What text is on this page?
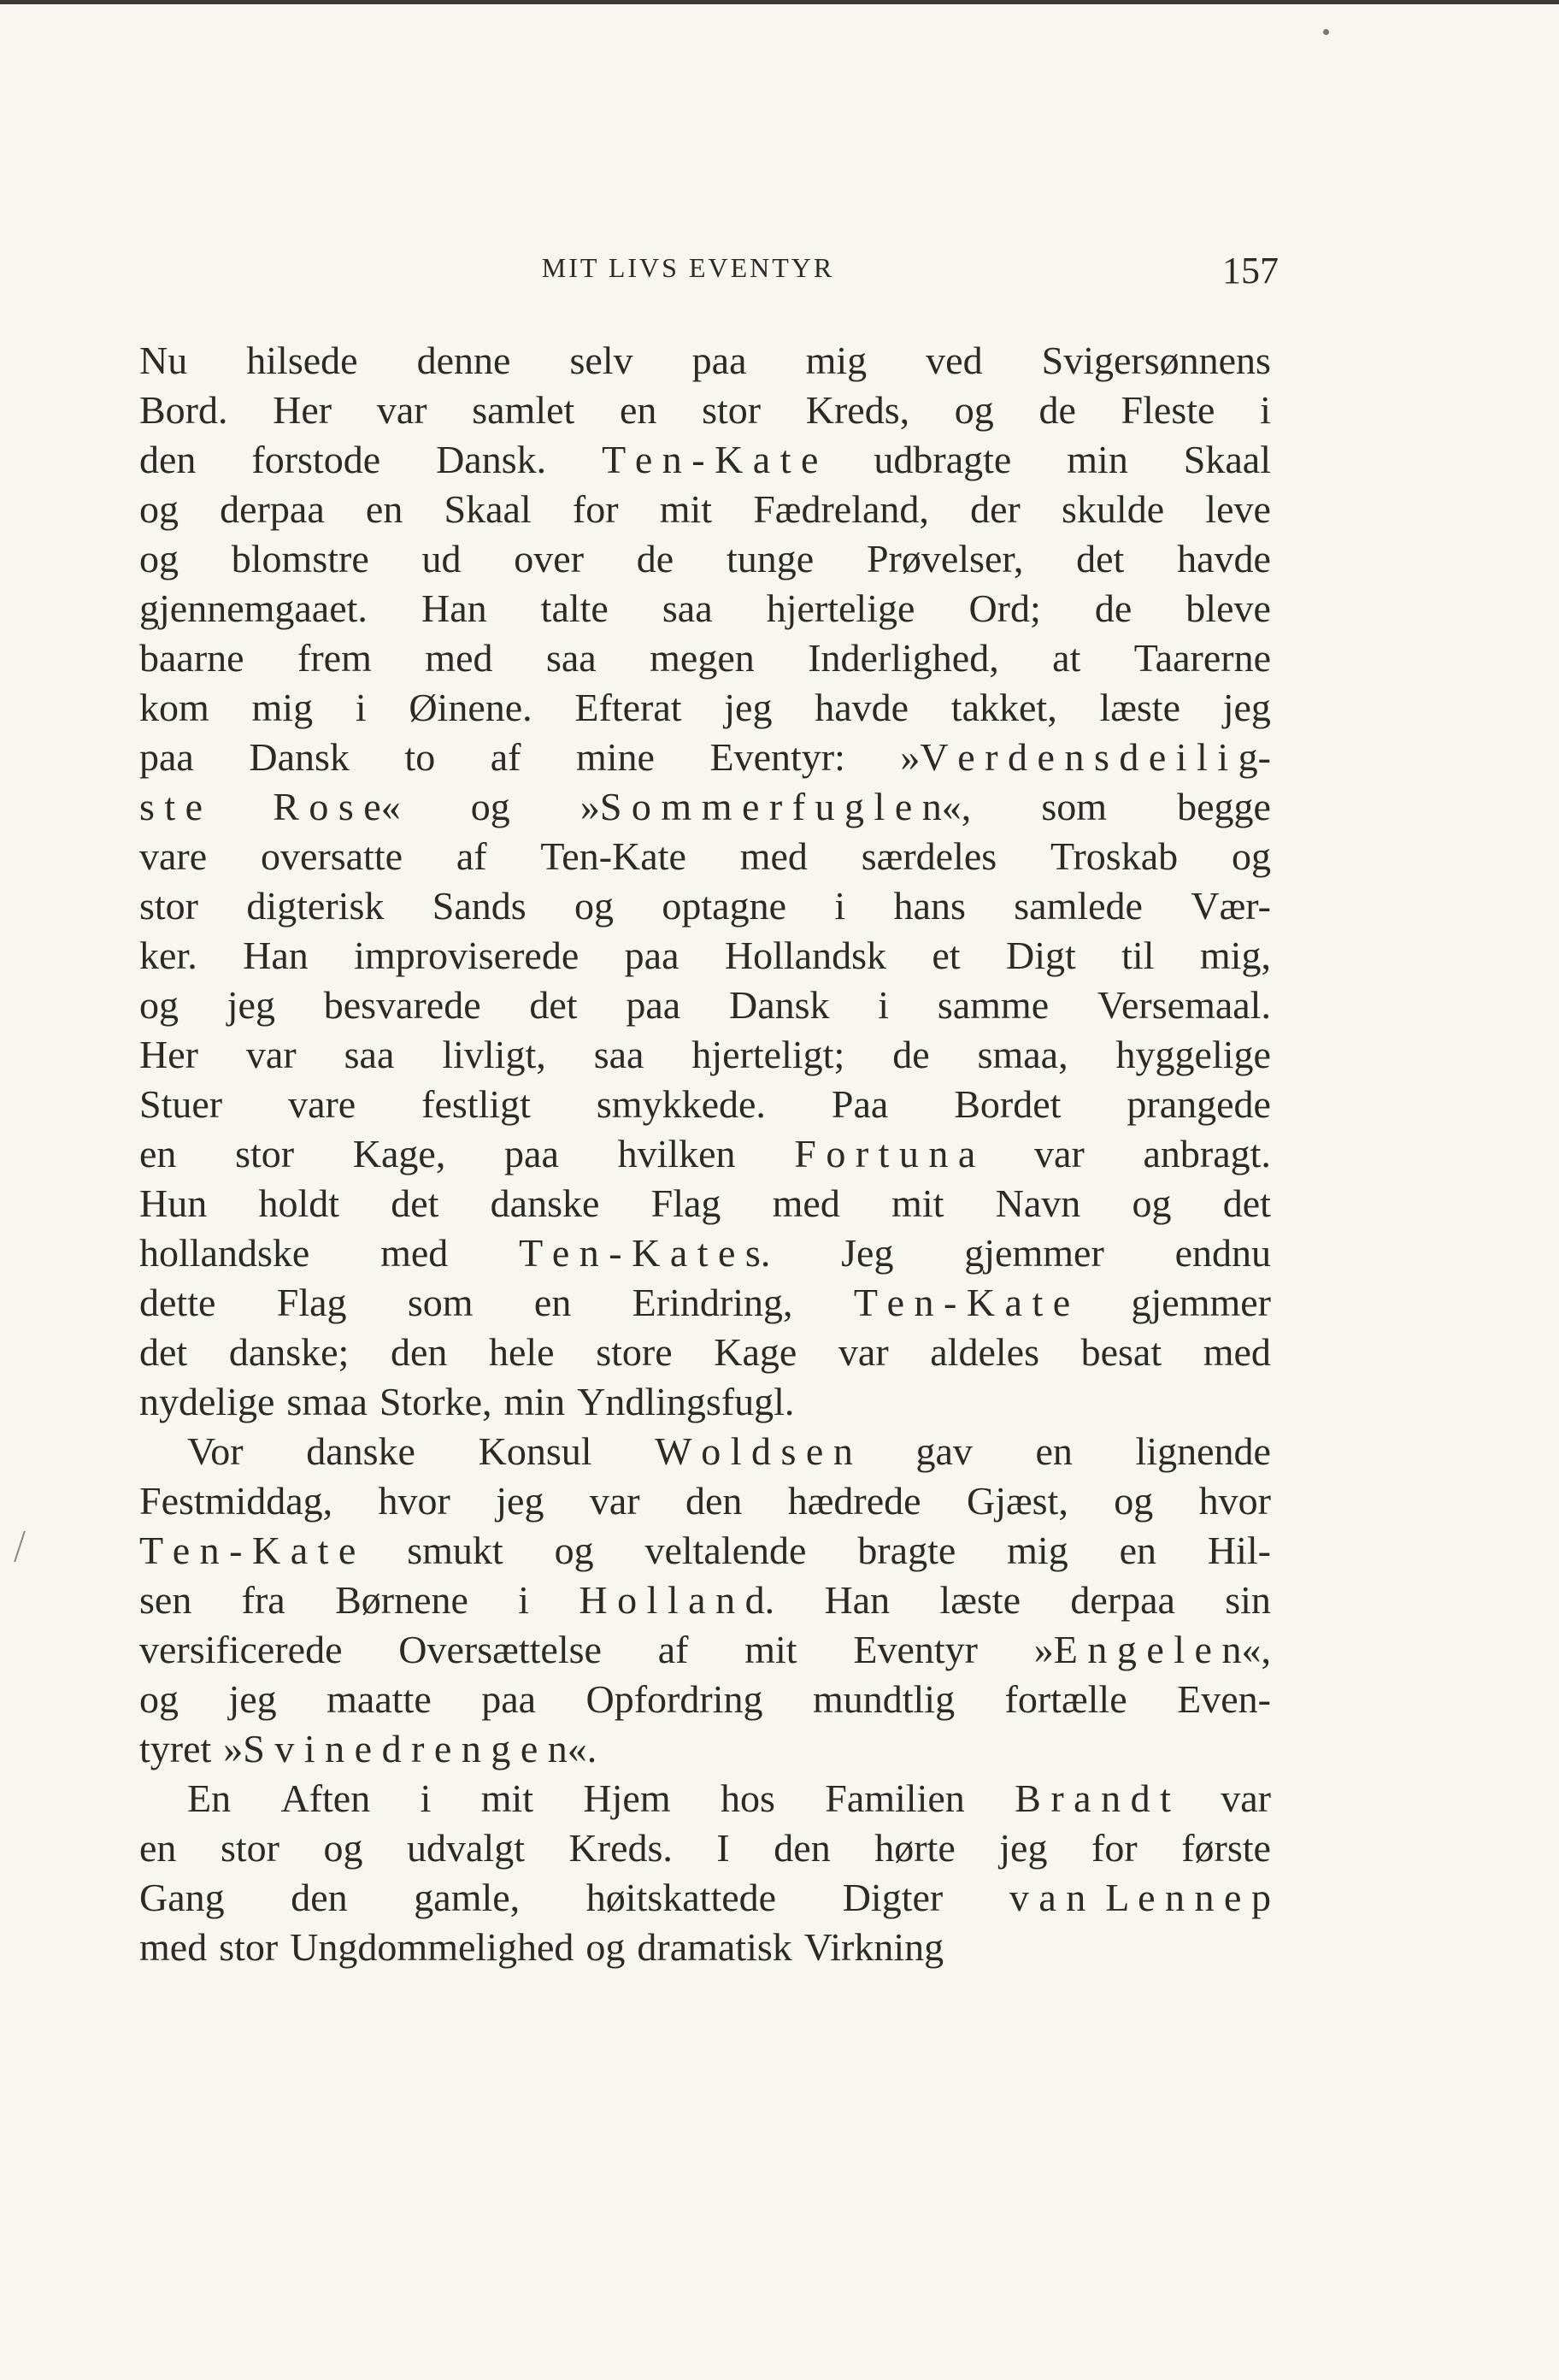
MIT LIVS EVENTYR	157
Nu hilsede denne selv paa mig ved Svigersønnens
Bord. Her var samlet en stor Kreds, og de Fleste i
den forstode Dansk. T e n - K a t e udbragte min Skaal
og derpaa en Skaal for mit Fædreland, der skulde leve
og blomstre ud over de tunge Prøvelser, det havde
gjennemgaaet. Han talte saa hjertelige Ord; de bleve
baarne frem med saa megen Inderlighed, at Taarerne
kom mig i Øinene. Efterat jeg havde takket, læste jeg
paa Dansk to af mine Eventyr: »V e r d e n s d e i l i g-
s t e R o s e« og »S o m m e r f u g l e n«, som begge
vare oversatte af Ten-Kate med særdeles Troskab og
stor digterisk Sands og optagne i hans samlede Vær-
ker. Han improviserede paa Hollandsk et Digt til mig,
og jeg besvarede det paa Dansk i samme Versemaal.
Her var saa livligt, saa hjerteligt; de smaa, hyggelige
Stuer vare festligt smykkede. Paa Bordet prangede
en stor Kage, paa hvilken F o r t u n a var anbragt.
Hun holdt det danske Flag med mit Navn og det
hollandske med T e n - K a t e s. Jeg gjemmer endnu
dette Flag som en Erindring, T e n - K a t e gjemmer
det danske; den hele store Kage var aldeles besat med
nydelige smaa Storke, min Yndlingsfugl.
Vor danske Konsul W o l d s e n gav en lignende
Festmiddag, hvor jeg var den hædrede Gjæst, og hvor
T e n - K a t e smukt og veltalende bragte mig en Hil-
sen fra Børnene i H o l l a n d. Han læste derpaa sin
versificerede Oversættelse af mit Eventyr »E n g e l e n«,
og jeg maatte paa Opfordring mundtlig fortælle Even-
tyret »S v i n e d r e n g e n«.
En Aften i mit Hjem hos Familien B r a n d t var
en stor og udvalgt Kreds. I den hørte jeg for første
Gang den gamle, høitskattede Digter v a n  L e n n e p
med stor Ungdommelighed og dramatisk Virkning
